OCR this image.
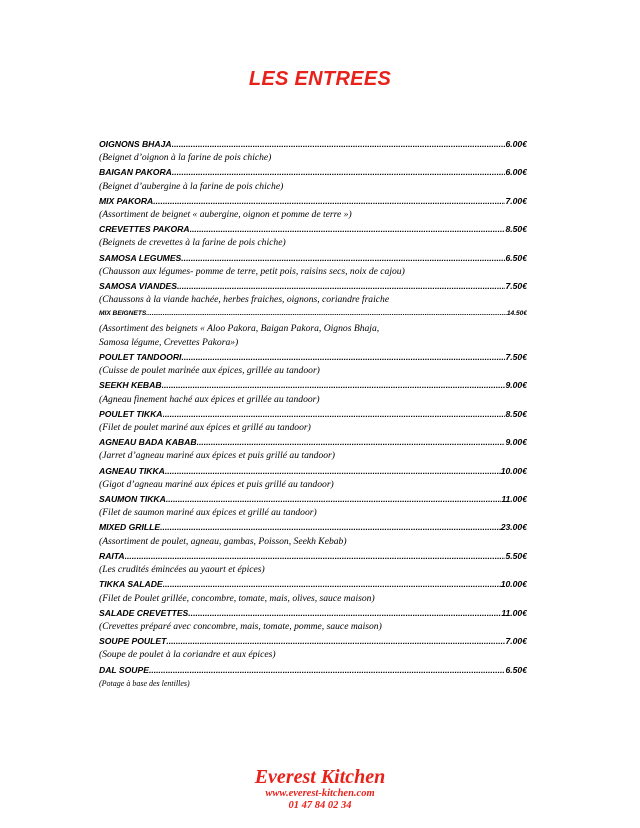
LES ENTREES
OIGNONS BHAJA .....	6.00€
(Beignet d’oignon à la farine de pois chiche)
BAIGAN PAKORA .....	6.00€
(Beignet d’aubergine à la farine de pois chiche)
MIX PAKORA .....	7.00€
(Assortiment de beignet « aubergine, oignon et pomme de terre »)
CREVETTES PAKORA .....	8.50€
(Beignets de crevettes à la farine de pois chiche)
SAMOSA LEGUMES .....	6.50€
(Chausson aux légumes- pomme de terre, petit pois, raisins secs, noix de cajou)
SAMOSA VIANDES .....	7.50€
(Chaussons à la viande hachée, herbes fraiches, oignons, coriandre fraiche
MIX BEIGNETS .....	14.50€
(Assortiment des beignets « Aloo Pakora, Baigan Pakora, Oignos Bhaja,
Samosa légume, Crevettes Pakora»)
POULET TANDOORI .....	7.50€
(Cuisse de poulet marinée aux épices, grillée au tandoor)
SEEKH KEBAB .....	9.00€
(Agneau finement haché aux épices et grillée au tandoor)
POULET TIKKA .....	8.50€
(Filet de poulet mariné aux épices et grillé au tandoor)
AGNEAU BADA KABAB .....	9.00€
(Jarret d’agneau mariné aux épices et puis grillé au tandoor)
AGNEAU TIKKA .....	10.00€
(Gigot d’agneau mariné aux épices et puis grillé au tandoor)
SAUMON TIKKA .....	11.00€
(Filet de saumon mariné aux épices et grillé au tandoor)
MIXED GRILLE .....	23.00€
(Assortiment de poulet, agneau, gambas, Poisson, Seekh Kebab)
RAITA .....	5.50€
(Les crudités émincées au yaourt et épices)
TIKKA SALADE .....	10.00€
(Filet de Poulet grillée, concombre, tomate, mais, olives, sauce maison)
SALADE CREVETTES .....	11.00€
(Crevettes préparé avec concombre, mais, tomate, pomme, sauce maison)
SOUPE POULET .....	7.00€
(Soupe de poulet à la coriandre et aux épices)
DAL SOUPE .....	6.50€
(Potage à base des lentilles)
Everest Kitchen
www.everest-kitchen.com
01 47 84 02 34
